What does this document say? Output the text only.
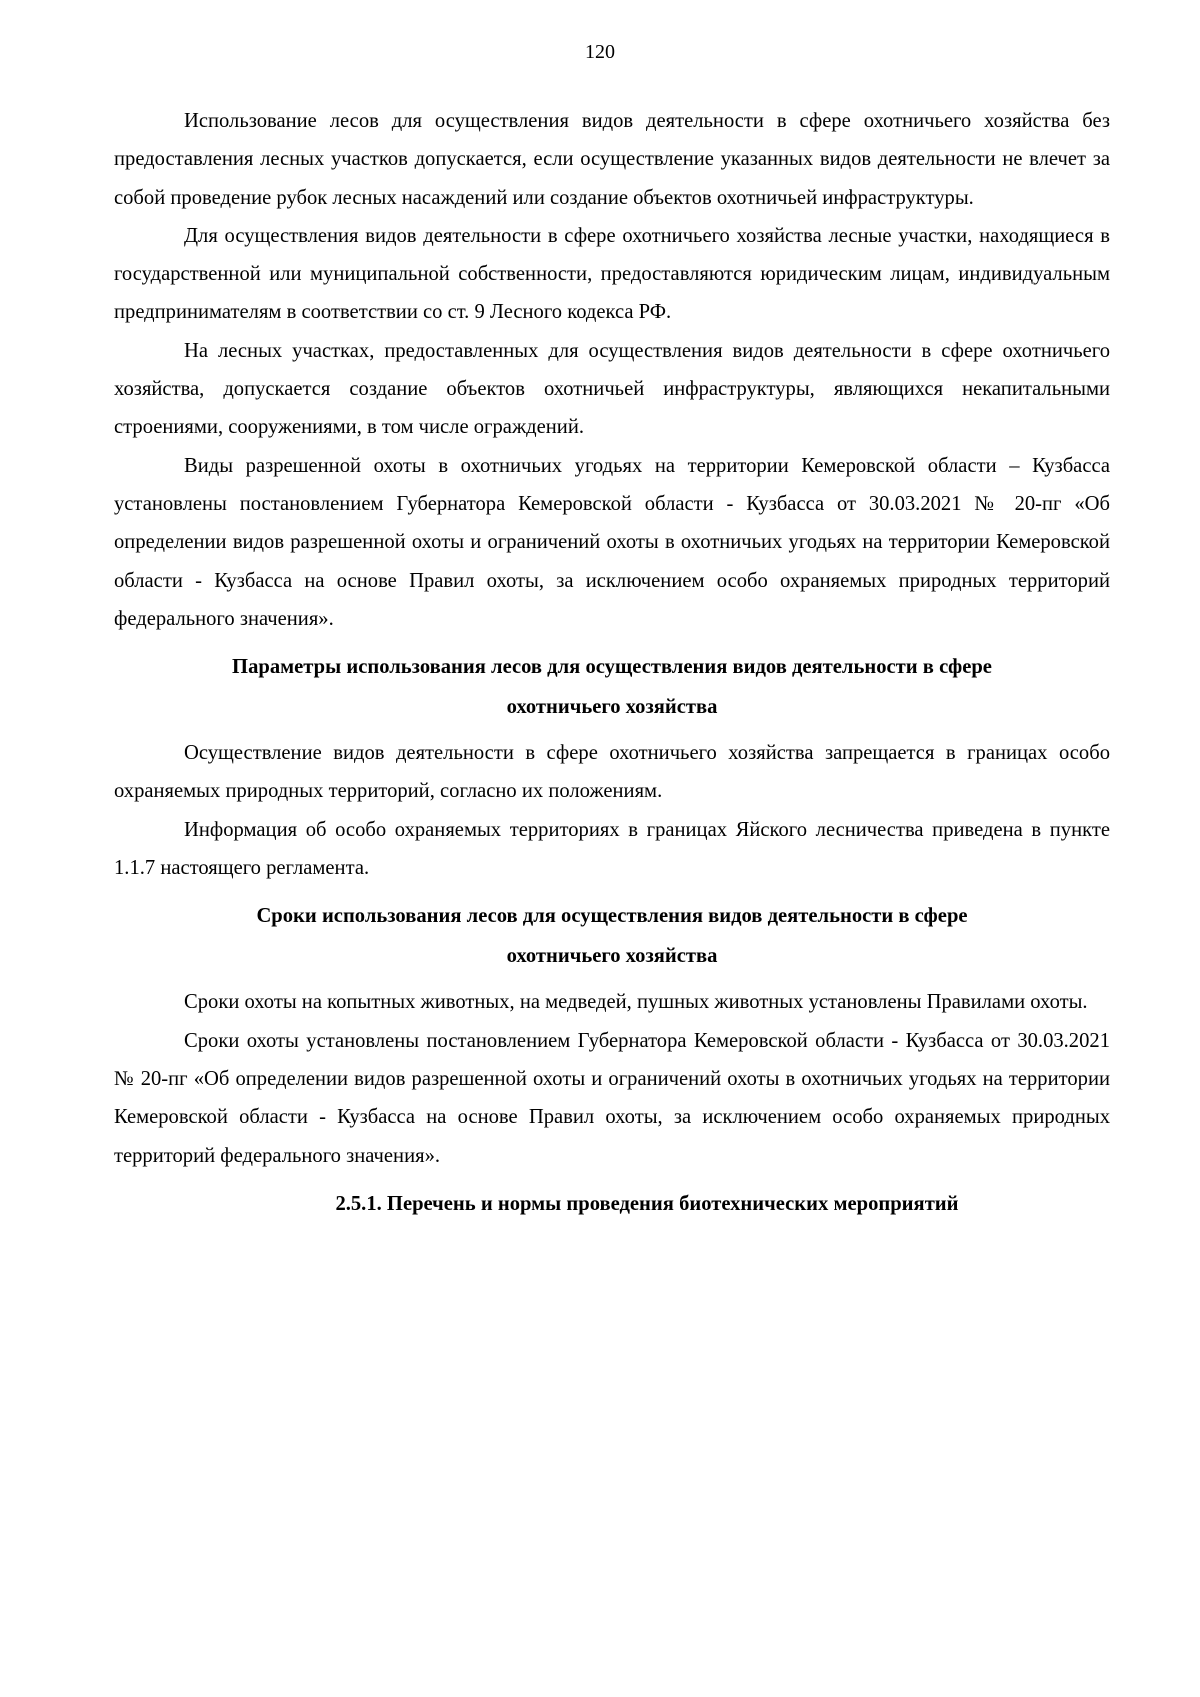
120

Использование лесов для осуществления видов деятельности в сфере охотничьего хозяйства без предоставления лесных участков допускается, если осуществление указанных видов деятельности не влечет за собой проведение рубок лесных насаждений или создание объектов охотничьей инфраструктуры.

Для осуществления видов деятельности в сфере охотничьего хозяйства лесные участки, находящиеся в государственной или муниципальной собственности, предоставляются юридическим лицам, индивидуальным предпринимателям в соответствии со ст. 9 Лесного кодекса РФ.

На лесных участках, предоставленных для осуществления видов деятельности в сфере охотничьего хозяйства, допускается создание объектов охотничьей инфраструктуры, являющихся некапитальными строениями, сооружениями, в том числе ограждений.

Виды разрешенной охоты в охотничьих угодьях на территории Кемеровской области – Кузбасса установлены постановлением Губернатора Кемеровской области - Кузбасса от 30.03.2021 № 20-пг «Об определении видов разрешенной охоты и ограничений охоты в охотничьих угодьях на территории Кемеровской области - Кузбасса на основе Правил охоты, за исключением особо охраняемых природных территорий федерального значения».

Параметры использования лесов для осуществления видов деятельности в сфере
охотничьего хозяйства

Осуществление видов деятельности в сфере охотничьего хозяйства запрещается в границах особо охраняемых природных территорий, согласно их положениям.

Информация об особо охраняемых территориях в границах Яйского лесничества приведена в пункте 1.1.7 настоящего регламента.

Сроки использования лесов для осуществления видов деятельности в сфере
охотничьего хозяйства

Сроки охоты на копытных животных, на медведей, пушных животных установлены Правилами охоты.

Сроки охоты установлены постановлением Губернатора Кемеровской области - Кузбасса от 30.03.2021 № 20-пг «Об определении видов разрешенной охоты и ограничений охоты в охотничьих угодьях на территории Кемеровской области - Кузбасса на основе Правил охоты, за исключением особо охраняемых природных территорий федерального значения».

2.5.1. Перечень и нормы проведения биотехнических мероприятий
